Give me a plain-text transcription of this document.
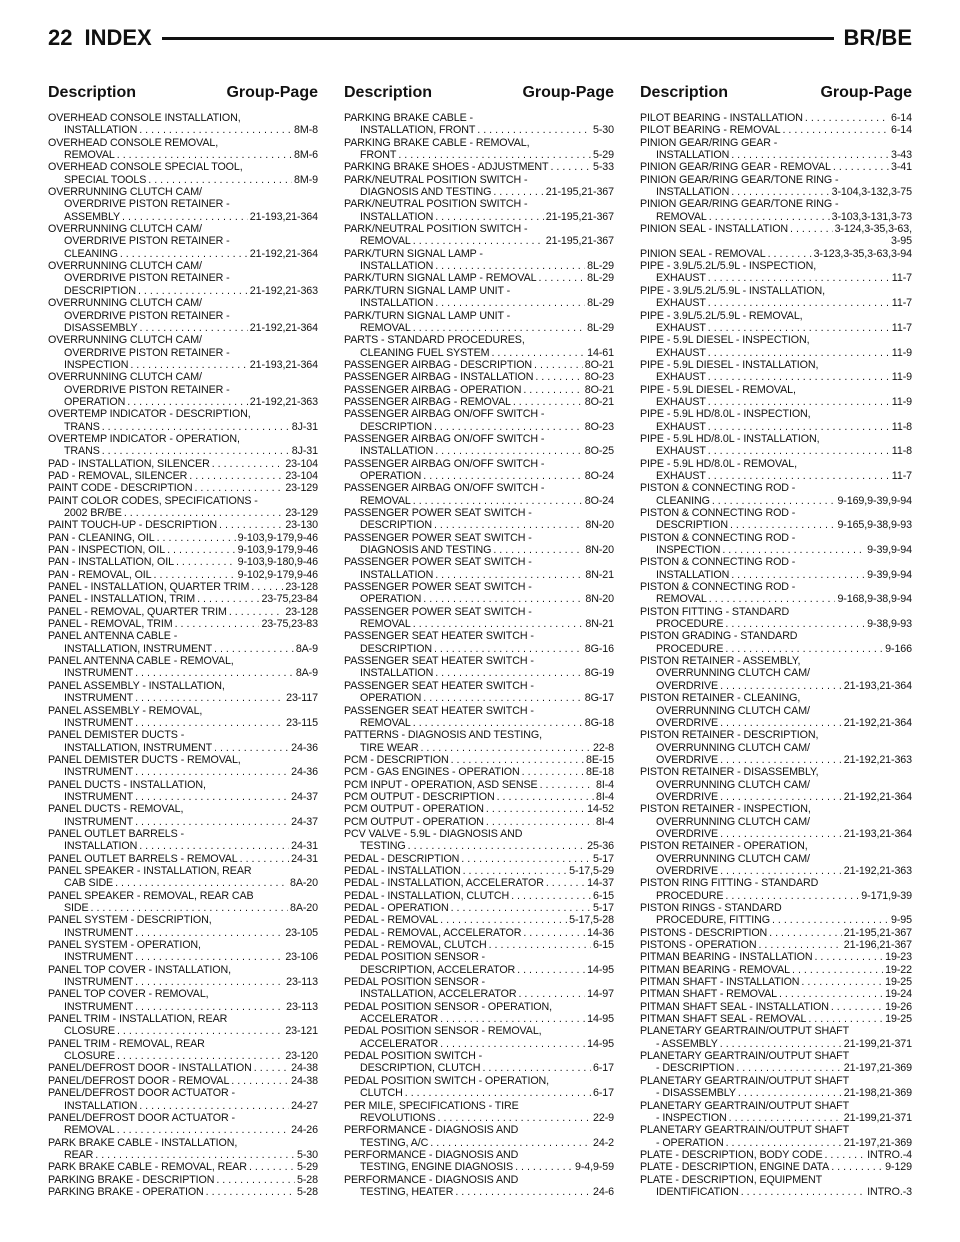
22 INDEX	BR/BE
Description	Group-Page
OVERHEAD CONSOLE INSTALLATION,
INSTALLATION . . .	8M-8
OVERHEAD CONSOLE REMOVAL,
REMOVAL . . .	8M-6
OVERHEAD CONSOLE SPECIAL TOOL,
SPECIAL TOOLS . . .	8M-9
OVERRUNNING CLUTCH CAM/
OVERDRIVE PISTON RETAINER -
ASSEMBLY . . .	21-193,21-364
OVERRUNNING CLUTCH CAM/
OVERDRIVE PISTON RETAINER -
CLEANING . . .	21-192,21-364
OVERRUNNING CLUTCH CAM/
OVERDRIVE PISTON RETAINER -
DESCRIPTION . . .	21-192,21-363
OVERRUNNING CLUTCH CAM/
OVERDRIVE PISTON RETAINER -
DISASSEMBLY . . .	21-192,21-364
OVERRUNNING CLUTCH CAM/
OVERDRIVE PISTON RETAINER -
INSPECTION . . .	21-193,21-364
OVERRUNNING CLUTCH CAM/
OVERDRIVE PISTON RETAINER -
OPERATION . . .	21-192,21-363
OVERTEMP INDICATOR - DESCRIPTION,
TRANS . . .	8J-31
OVERTEMP INDICATOR - OPERATION,
TRANS . . .	8J-31
PAD - INSTALLATION, SILENCER . . .	23-104
PAD - REMOVAL, SILENCER . . .	23-104
PAINT CODE - DESCRIPTION . . .	23-129
PAINT COLOR CODES, SPECIFICATIONS -
2002 BR/BE . . .	23-129
PAINT TOUCH-UP - DESCRIPTION . . .	23-130
PAN - CLEANING, OIL . . .	9-103,9-179,9-46
PAN - INSPECTION, OIL . . .	9-103,9-179,9-46
PAN - INSTALLATION, OIL . . .	9-103,9-180,9-46
PAN - REMOVAL, OIL . . .	9-102,9-179,9-46
PANEL - INSTALLATION, QUARTER TRIM . . .	23-128
PANEL - INSTALLATION, TRIM . . .	23-75,23-84
PANEL - REMOVAL, QUARTER TRIM . . .	23-128
PANEL - REMOVAL, TRIM . . .	23-75,23-83
PANEL ANTENNA CABLE -
INSTALLATION, INSTRUMENT . . .	8A-9
PANEL ANTENNA CABLE - REMOVAL,
INSTRUMENT . . .	8A-9
PANEL ASSEMBLY - INSTALLATION,
INSTRUMENT . . .	23-117
PANEL ASSEMBLY - REMOVAL,
INSTRUMENT . . .	23-115
PANEL DEMISTER DUCTS -
INSTALLATION, INSTRUMENT . . .	24-36
PANEL DEMISTER DUCTS - REMOVAL,
INSTRUMENT . . .	24-36
PANEL DUCTS - INSTALLATION,
INSTRUMENT . . .	24-37
PANEL DUCTS - REMOVAL,
INSTRUMENT . . .	24-37
PANEL OUTLET BARRELS -
INSTALLATION . . .	24-31
PANEL OUTLET BARRELS - REMOVAL . . .	24-31
PANEL SPEAKER - INSTALLATION, REAR
CAB SIDE . . .	8A-20
PANEL SPEAKER - REMOVAL, REAR CAB
SIDE . . .	8A-20
PANEL SYSTEM - DESCRIPTION,
INSTRUMENT . . .	23-105
PANEL SYSTEM - OPERATION,
INSTRUMENT . . .	23-106
PANEL TOP COVER - INSTALLATION,
INSTRUMENT . . .	23-113
PANEL TOP COVER - REMOVAL,
INSTRUMENT . . .	23-113
PANEL TRIM - INSTALLATION, REAR
CLOSURE . . .	23-121
PANEL TRIM - REMOVAL, REAR
CLOSURE . . .	23-120
PANEL/DEFROST DOOR - INSTALLATION . . .	24-38
PANEL/DEFROST DOOR - REMOVAL . . .	24-38
PANEL/DEFROST DOOR ACTUATOR -
INSTALLATION . . .	24-27
PANEL/DEFROST DOOR ACTUATOR -
REMOVAL . . .	24-26
PARK BRAKE CABLE - INSTALLATION,
REAR . . .	5-30
PARK BRAKE CABLE - REMOVAL, REAR . . .	5-29
PARKING BRAKE - DESCRIPTION . . .	5-28
PARKING BRAKE - OPERATION . . .	5-28
Description	Group-Page
PARKING BRAKE CABLE -
INSTALLATION, FRONT . . .	5-30
PARKING BRAKE CABLE - REMOVAL,
FRONT . . .	5-29
PARKING BRAKE SHOES - ADJUSTMENT . . .	5-33
PARK/NEUTRAL POSITION SWITCH -
DIAGNOSIS AND TESTING . . .	21-195,21-367
PARK/NEUTRAL POSITION SWITCH -
INSTALLATION . . .	21-195,21-367
PARK/NEUTRAL POSITION SWITCH -
REMOVAL . . .	21-195,21-367
PARK/TURN SIGNAL LAMP -
INSTALLATION . . .	8L-29
PARK/TURN SIGNAL LAMP - REMOVAL . . .	8L-29
PARK/TURN SIGNAL LAMP UNIT -
INSTALLATION . . .	8L-29
PARK/TURN SIGNAL LAMP UNIT -
REMOVAL . . .	8L-29
PARTS - STANDARD PROCEDURES,
CLEANING FUEL SYSTEM . . .	14-61
PASSENGER AIRBAG - DESCRIPTION . . .	8O-21
PASSENGER AIRBAG - INSTALLATION . . .	8O-23
PASSENGER AIRBAG - OPERATION . . .	8O-21
PASSENGER AIRBAG - REMOVAL . . .	8O-21
PASSENGER AIRBAG ON/OFF SWITCH -
DESCRIPTION . . .	8O-23
PASSENGER AIRBAG ON/OFF SWITCH -
INSTALLATION . . .	8O-25
PASSENGER AIRBAG ON/OFF SWITCH -
OPERATION . . .	8O-24
PASSENGER AIRBAG ON/OFF SWITCH -
REMOVAL . . .	8O-24
PASSENGER POWER SEAT SWITCH -
DESCRIPTION . . .	8N-20
PASSENGER POWER SEAT SWITCH -
DIAGNOSIS AND TESTING . . .	8N-20
PASSENGER POWER SEAT SWITCH -
INSTALLATION . . .	8N-21
PASSENGER POWER SEAT SWITCH -
OPERATION . . .	8N-20
PASSENGER POWER SEAT SWITCH -
REMOVAL . . .	8N-21
PASSENGER SEAT HEATER SWITCH -
DESCRIPTION . . .	8G-16
PASSENGER SEAT HEATER SWITCH -
INSTALLATION . . .	8G-19
PASSENGER SEAT HEATER SWITCH -
OPERATION . . .	8G-17
PASSENGER SEAT HEATER SWITCH -
REMOVAL . . .	8G-18
PATTERNS - DIAGNOSIS AND TESTING,
TIRE WEAR . . .	22-8
PCM - DESCRIPTION . . .	8E-15
PCM - GAS ENGINES - OPERATION . . .	8E-18
PCM INPUT - OPERATION, ASD SENSE . . .	8I-4
PCM OUTPUT - DESCRIPTION . . .	8I-4
PCM OUTPUT - OPERATION . . .	14-52
PCM OUTPUT - OPERATION . . .	8I-4
PCV VALVE - 5.9L - DIAGNOSIS AND
TESTING . . .	25-36
PEDAL - DESCRIPTION . . .	5-17
PEDAL - INSTALLATION . . .	5-17,5-29
PEDAL - INSTALLATION, ACCELERATOR . . .	14-37
PEDAL - INSTALLATION, CLUTCH . . .	6-15
PEDAL - OPERATION . . .	5-17
PEDAL - REMOVAL . . .	5-17,5-28
PEDAL - REMOVAL, ACCELERATOR . . .	14-36
PEDAL - REMOVAL, CLUTCH . . .	6-15
PEDAL POSITION SENSOR -
DESCRIPTION, ACCELERATOR . . .	14-95
PEDAL POSITION SENSOR -
INSTALLATION, ACCELERATOR . . .	14-97
PEDAL POSITION SENSOR - OPERATION,
ACCELERATOR . . .	14-95
PEDAL POSITION SENSOR - REMOVAL,
ACCELERATOR . . .	14-95
PEDAL POSITION SWITCH -
DESCRIPTION, CLUTCH . . .	6-17
PEDAL POSITION SWITCH - OPERATION,
CLUTCH . . .	6-17
PER MILE, SPECIFICATIONS - TIRE
REVOLUTIONS . . .	22-9
PERFORMANCE - DIAGNOSIS AND
TESTING, A/C . . .	24-2
PERFORMANCE - DIAGNOSIS AND
TESTING, ENGINE DIAGNOSIS . . .	9-4,9-59
PERFORMANCE - DIAGNOSIS AND
TESTING, HEATER . . .	24-6
Description	Group-Page
PILOT BEARING - INSTALLATION . . .	6-14
PILOT BEARING - REMOVAL . . .	6-14
PINION GEAR/RING GEAR -
INSTALLATION . . .	3-43
PINION GEAR/RING GEAR - REMOVAL . . .	3-41
PINION GEAR/RING GEAR/TONE RING -
INSTALLATION . . .	3-104,3-132,3-75
PINION GEAR/RING GEAR/TONE RING -
REMOVAL . . .	3-103,3-131,3-73
PINION SEAL - INSTALLATION . . .	3-124,3-35,3-63,
3-95
PINION SEAL - REMOVAL . . .	3-123,3-35,3-63,3-94
PIPE - 3.9L/5.2L/5.9L - INSPECTION,
EXHAUST . . .	11-7
PIPE - 3.9L/5.2L/5.9L - INSTALLATION,
EXHAUST . . .	11-7
PIPE - 3.9L/5.2L/5.9L - REMOVAL,
EXHAUST . . .	11-7
PIPE - 5.9L DIESEL - INSPECTION,
EXHAUST . . .	11-9
PIPE - 5.9L DIESEL - INSTALLATION,
EXHAUST . . .	11-9
PIPE - 5.9L DIESEL - REMOVAL,
EXHAUST . . .	11-9
PIPE - 5.9L HD/8.0L - INSPECTION,
EXHAUST . . .	11-8
PIPE - 5.9L HD/8.0L - INSTALLATION,
EXHAUST . . .	11-8
PIPE - 5.9L HD/8.0L - REMOVAL,
EXHAUST . . .	11-7
PISTON & CONNECTING ROD -
CLEANING . . .	9-169,9-39,9-94
PISTON & CONNECTING ROD -
DESCRIPTION . . .	9-165,9-38,9-93
PISTON & CONNECTING ROD -
INSPECTION . . .	9-39,9-94
PISTON & CONNECTING ROD -
INSTALLATION . . .	9-39,9-94
PISTON & CONNECTING ROD -
REMOVAL . . .	9-168,9-38,9-94
PISTON FITTING - STANDARD
PROCEDURE . . .	9-38,9-93
PISTON GRADING - STANDARD
PROCEDURE . . .	9-166
PISTON RETAINER - ASSEMBLY,
OVERRUNNING CLUTCH CAM/
OVERDRIVE . . .	21-193,21-364
PISTON RETAINER - CLEANING,
OVERRUNNING CLUTCH CAM/
OVERDRIVE . . .	21-192,21-364
PISTON RETAINER - DESCRIPTION,
OVERRUNNING CLUTCH CAM/
OVERDRIVE . . .	21-192,21-363
PISTON RETAINER - DISASSEMBLY,
OVERRUNNING CLUTCH CAM/
OVERDRIVE . . .	21-192,21-364
PISTON RETAINER - INSPECTION,
OVERRUNNING CLUTCH CAM/
OVERDRIVE . . .	21-193,21-364
PISTON RETAINER - OPERATION,
OVERRUNNING CLUTCH CAM/
OVERDRIVE . . .	21-192,21-363
PISTON RING FITTING - STANDARD
PROCEDURE . . .	9-171,9-39
PISTON RINGS - STANDARD
PROCEDURE, FITTING . . .	9-95
PISTONS - DESCRIPTION . . .	21-195,21-367
PISTONS - OPERATION . . .	21-196,21-367
PITMAN BEARING - INSTALLATION . . .	19-23
PITMAN BEARING - REMOVAL . . .	19-22
PITMAN SHAFT - INSTALLATION . . .	19-25
PITMAN SHAFT - REMOVAL . . .	19-24
PITMAN SHAFT SEAL - INSTALLATION . . .	19-26
PITMAN SHAFT SEAL - REMOVAL . . .	19-25
PLANETARY GEARTRAIN/OUTPUT SHAFT
- ASSEMBLY . . .	21-199,21-371
PLANETARY GEARTRAIN/OUTPUT SHAFT
- DESCRIPTION . . .	21-197,21-369
PLANETARY GEARTRAIN/OUTPUT SHAFT
- DISASSEMBLY . . .	21-198,21-369
PLANETARY GEARTRAIN/OUTPUT SHAFT
- INSPECTION . . .	21-199,21-371
PLANETARY GEARTRAIN/OUTPUT SHAFT
- OPERATION . . .	21-197,21-369
PLATE - DESCRIPTION, BODY CODE . . .	INTRO.-4
PLATE - DESCRIPTION, ENGINE DATA . . .	9-129
PLATE - DESCRIPTION, EQUIPMENT
IDENTIFICATION . . .	INTRO.-3
